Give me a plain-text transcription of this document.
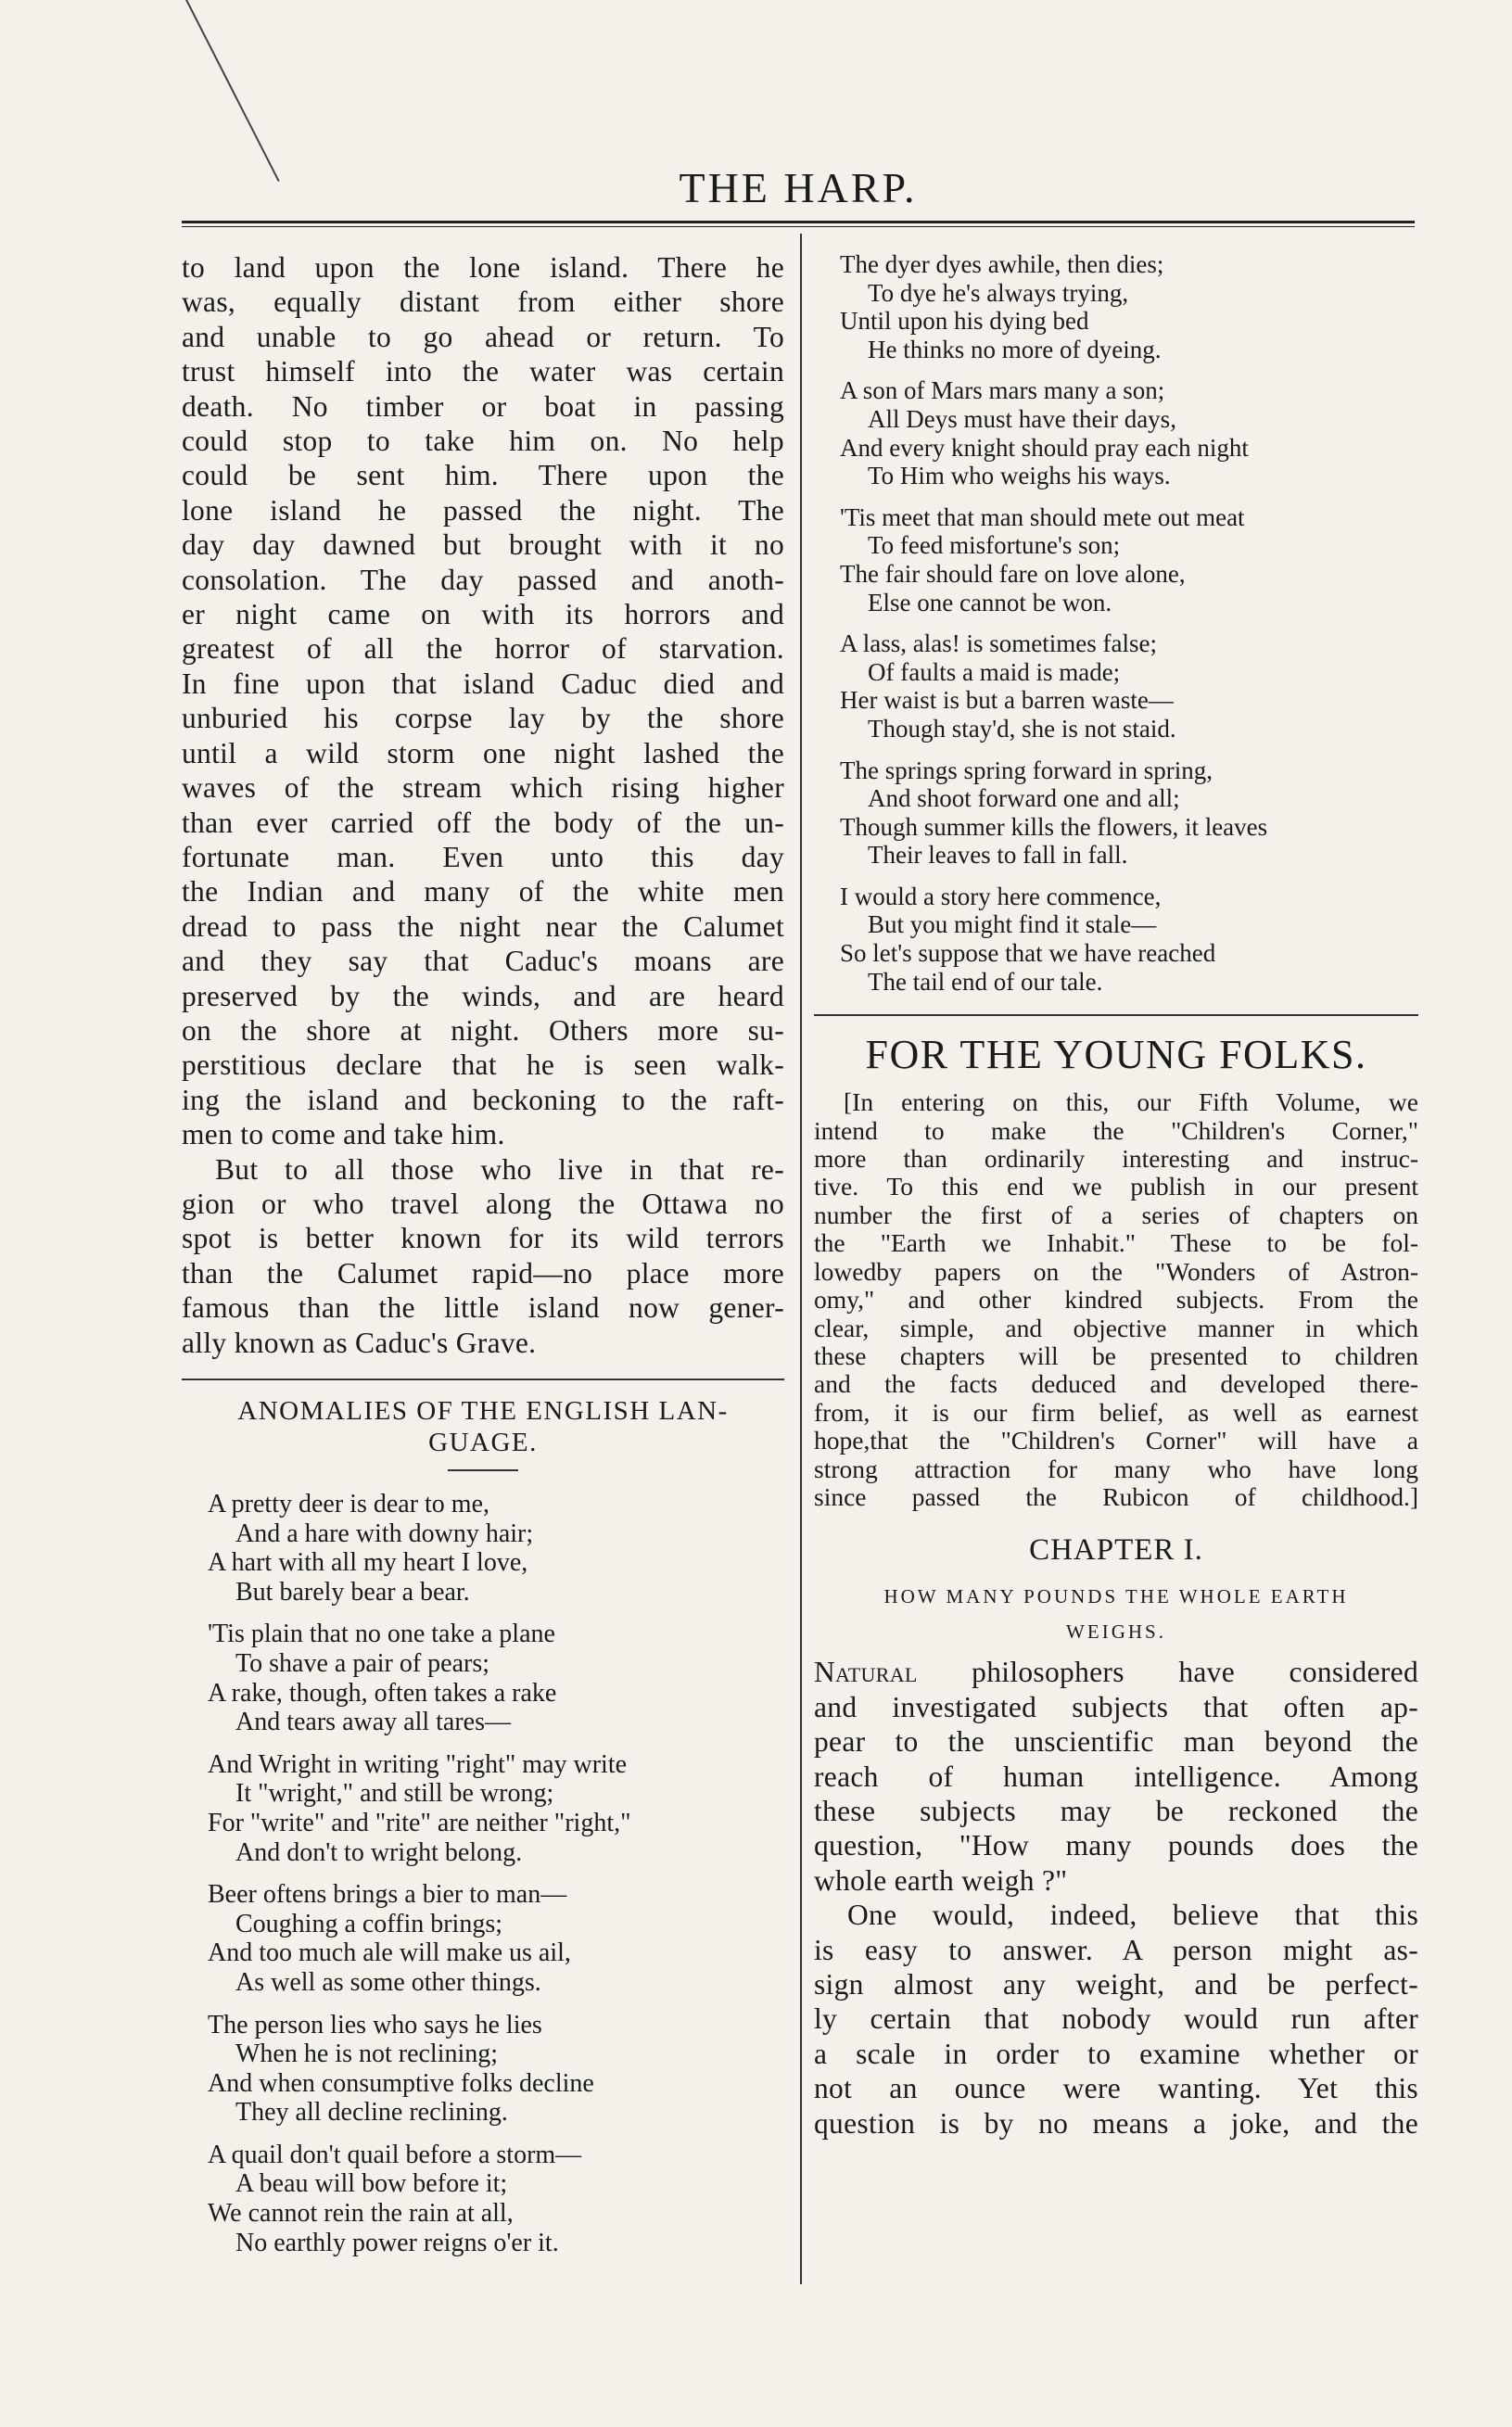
THE HARP.

to land upon the lone island. There he

was, equally distant from either shore

and unable to go ahead or return. To

trust himself into the water was certain

death. No timber or boat in passing

could stop to take him on. No help

could be sent him. There upon the

lone island he passed the night. The

day day dawned but brought with it no

consolation. The day passed and anoth-

er night came on with its horrors and

greatest of all the horror of starvation.

In fine upon that island Caduc died and

unburied his corpse lay by the shore

until a wild storm one night lashed the

waves of the stream which rising higher

than ever carried off the body of the un-

fortunate man. Even unto this day

the Indian and many of the white men

dread to pass the night near the Calumet

and they say that Caduc's moans are

preserved by the winds, and are heard

on the shore at night. Others more su-

perstitious declare that he is seen walk-

ing the island and beckoning to the raft-

men to come and take him.

But to all those who live in that re-

gion or who travel along the Ottawa no

spot is better known for its wild terrors

than the Calumet rapid—no place more

famous than the little island now gener-

ally known as Caduc's Grave.

ANOMALIES OF THE ENGLISH LAN-
GUAGE.
A pretty deer is dear to me,
And a hare with downy hair;
A hart with all my heart I love,
But barely bear a bear.
'Tis plain that no one take a plane
To shave a pair of pears;
A rake, though, often takes a rake
And tears away all tares—
And Wright in writing "right" may write
It "wright," and still be wrong;
For "write" and "rite" are neither "right,"
And don't to wright belong.
Beer oftens brings a bier to man—
Coughing a coffin brings;
And too much ale will make us ail,
As well as some other things.
The person lies who says he lies
When he is not reclining;
And when consumptive folks decline
They all decline reclining.
A quail don't quail before a storm—
A beau will bow before it;
We cannot rein the rain at all,
No earthly power reigns o'er it.
The dyer dyes awhile, then dies;
To dye he's always trying,
Until upon his dying bed
He thinks no more of dyeing.
A son of Mars mars many a son;
All Deys must have their days,
And every knight should pray each night
To Him who weighs his ways.
'Tis meet that man should mete out meat
To feed misfortune's son;
The fair should fare on love alone,
Else one cannot be won.
A lass, alas! is sometimes false;
Of faults a maid is made;
Her waist is but a barren waste—
Though stay'd, she is not staid.
The springs spring forward in spring,
And shoot forward one and all;
Though summer kills the flowers, it leaves
Their leaves to fall in fall.
I would a story here commence,
But you might find it stale—
So let's suppose that we have reached
The tail end of our tale.
FOR THE YOUNG FOLKS.

[In entering on this, our Fifth Volume, we

intend to make the "Children's Corner,"

more than ordinarily interesting and instruc-

tive. To this end we publish in our present

number the first of a series of chapters on

the "Earth we Inhabit." These to be fol-

lowedby papers on the "Wonders of Astron-

omy," and other kindred subjects. From the

clear, simple, and objective manner in which

these chapters will be presented to children

and the facts deduced and developed there-

from, it is our firm belief, as well as earnest

hope,that the "Children's Corner" will have a

strong attraction for many who have long

since passed the Rubicon of childhood.]

CHAPTER I.
HOW MANY POUNDS THE WHOLE EARTH
WEIGHS.

Natural philosophers have considered

and investigated subjects that often ap-

pear to the unscientific man beyond the

reach of human intelligence. Among

these subjects may be reckoned the

question, "How many pounds does the

whole earth weigh ?"

One would, indeed, believe that this

is easy to answer. A person might as-

sign almost any weight, and be perfect-

ly certain that nobody would run after

a scale in order to examine whether or

not an ounce were wanting. Yet this

question is by no means a joke, and the
